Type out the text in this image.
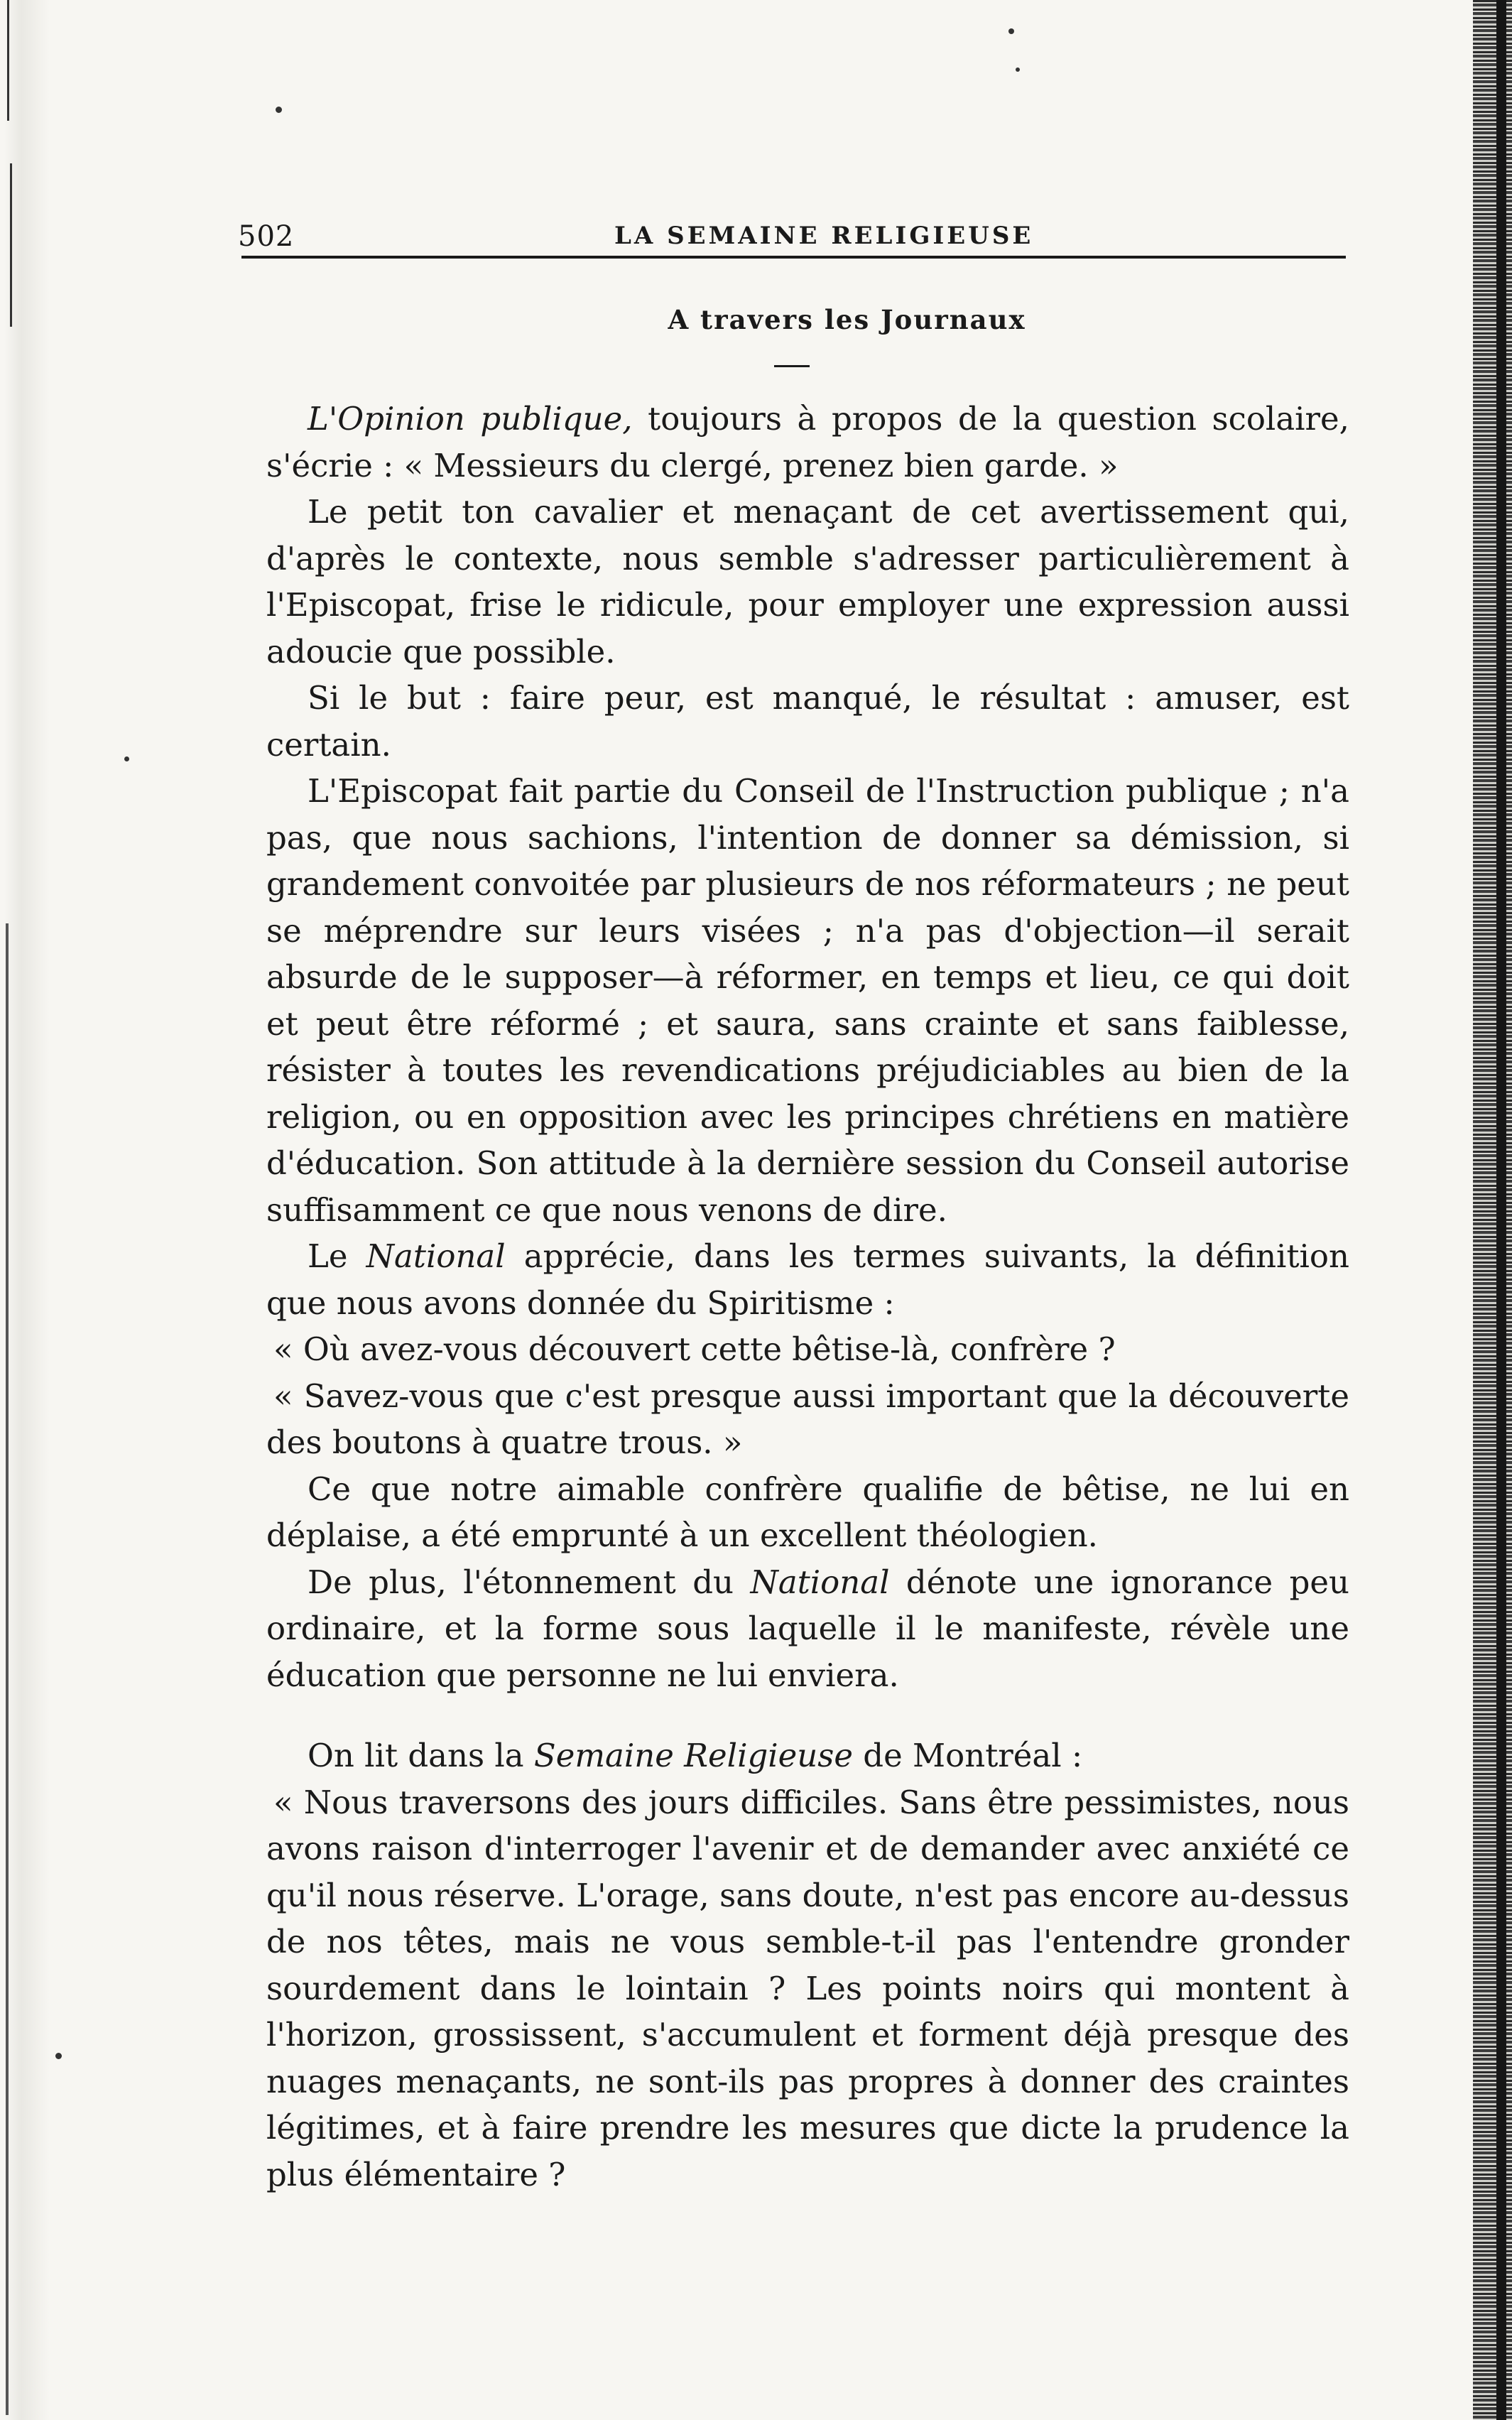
502	LA SEMAINE RELIGIEUSE
A travers les Journaux

L'Opinion publique, toujours à propos de la question scolaire, s'écrie : « Messieurs du clergé, prenez bien garde. »

Le petit ton cavalier et menaçant de cet avertissement qui, d'après le contexte, nous semble s'adresser particulièrement à l'Episcopat, frise le ridicule, pour employer une expression aussi adoucie que possible.

Si le but : faire peur, est manqué, le résultat : amuser, est certain.

L'Episcopat fait partie du Conseil de l'Instruction publique ; n'a pas, que nous sachions, l'intention de donner sa démission, si grandement convoitée par plusieurs de nos réformateurs ; ne peut se méprendre sur leurs visées ; n'a pas d'objection—il serait absurde de le supposer—à réformer, en temps et lieu, ce qui doit et peut être réformé ; et saura, sans crainte et sans faiblesse, résister à toutes les revendications préjudiciables au bien de la religion, ou en opposition avec les principes chrétiens en matière d'éducation. Son attitude à la dernière session du Conseil autorise suffisamment ce que nous venons de dire.

Le National apprécie, dans les termes suivants, la définition que nous avons donnée du Spiritisme :

« Où avez-vous découvert cette bêtise-là, confrère ?

« Savez-vous que c'est presque aussi important que la découverte des boutons à quatre trous. »

Ce que notre aimable confrère qualifie de bêtise, ne lui en déplaise, a été emprunté à un excellent théologien.

De plus, l'étonnement du National dénote une ignorance peu ordinaire, et la forme sous laquelle il le manifeste, révèle une éducation que personne ne lui enviera.

On lit dans la Semaine Religieuse de Montréal :

« Nous traversons des jours difficiles. Sans être pessimistes, nous avons raison d'interroger l'avenir et de demander avec anxiété ce qu'il nous réserve. L'orage, sans doute, n'est pas encore au-dessus de nos têtes, mais ne vous semble-t-il pas l'entendre gronder sourdement dans le lointain ? Les points noirs qui montent à l'horizon, grossissent, s'accumulent et forment déjà presque des nuages menaçants, ne sont-ils pas propres à donner des craintes légitimes, et à faire prendre les mesures que dicte la prudence la plus élémentaire ?
